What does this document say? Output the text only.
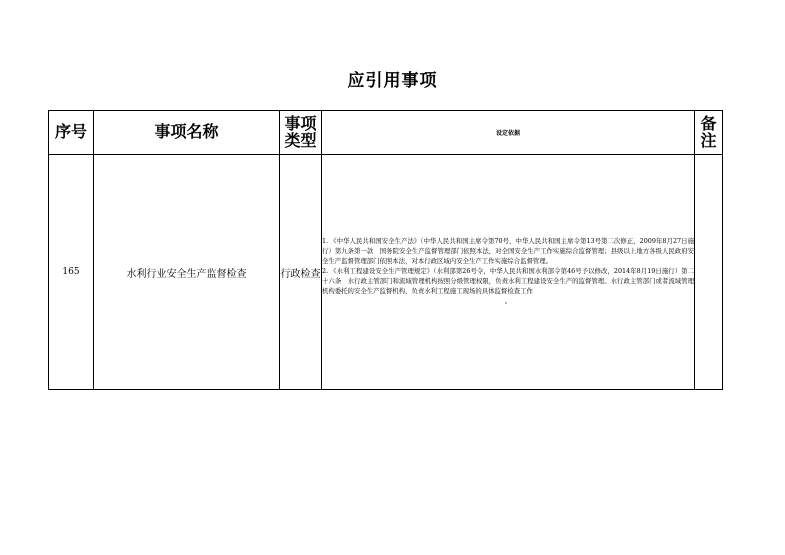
应引用事项
序号	事项名称	事项类型	设定依据	备注
165	水利行业安全生产监督检查	行政检查	1. 《中华人民共和国安全生产法》（中华人民共和国主席令第70号，中华人民共和国主席令第13号第二次修正，2009年8月27日施行）第九条第一款　国务院安全生产监督管理部门依照本法，对全国安全生产工作实施综合监督管理；县级以上地方各级人民政府安全生产监督管理部门依照本法，对本行政区域内安全生产工作实施综合监督管理。

2. 《水利工程建设安全生产管理规定》（水利部第26号令，中华人民共和国水利部令第46号予以修改，2014年8月19日施行）第二十六条　水行政主管部门和流域管理机构按照分级管理权限，负责水利工程建设安全生产的监督管理。水行政主管部门或者流域管理机构委托的安全生产监督机构，负责水利工程施工现场的具体监督检查工作

。	
